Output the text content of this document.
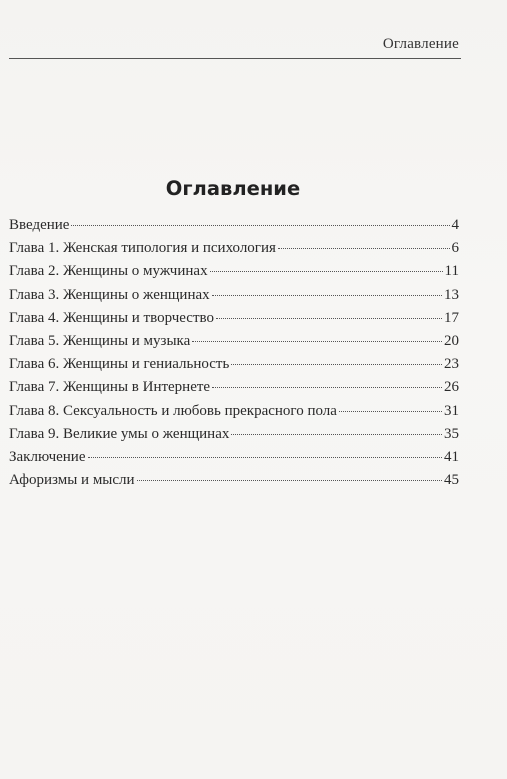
Оглавление
Оглавление
Введение	4
Глава 1. Женская типология и психология	6
Глава 2. Женщины о мужчинах	11
Глава 3. Женщины о женщинах	13
Глава 4. Женщины и творчество	17
Глава 5. Женщины и музыка	20
Глава 6. Женщины и гениальность	23
Глава 7. Женщины в Интернете	26
Глава 8. Сексуальность и любовь прекрасного пола	31
Глава 9. Великие умы о женщинах	35
Заключение	41
Афоризмы и мысли	45
